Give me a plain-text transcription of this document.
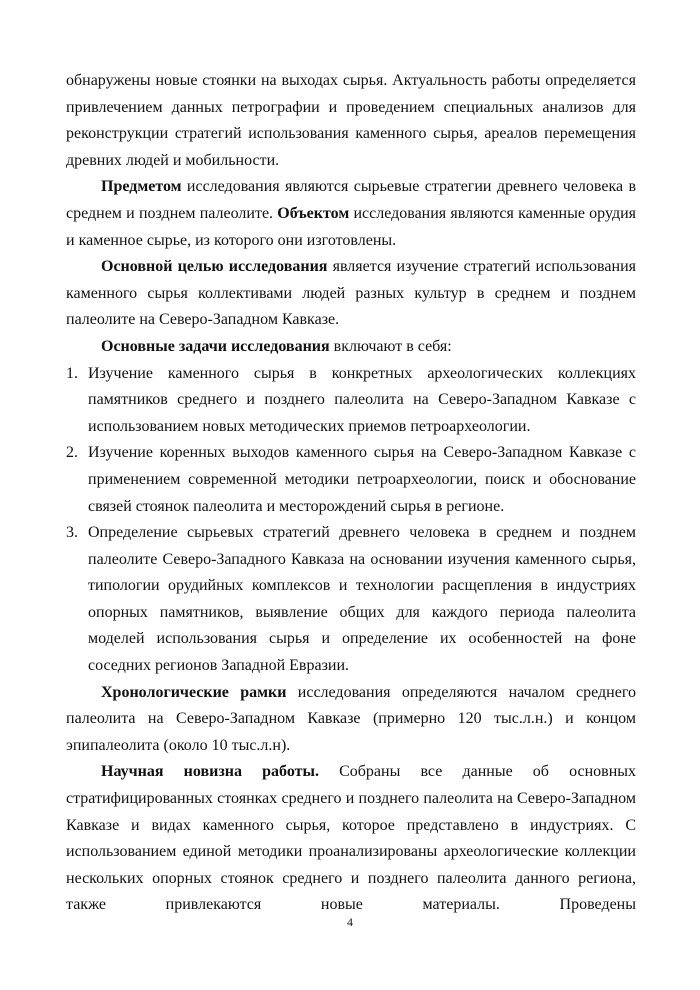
обнаружены новые стоянки на выходах сырья. Актуальность работы определяется привлечением данных петрографии и проведением специальных анализов для реконструкции стратегий использования каменного сырья, ареалов перемещения древних людей и мобильности.

Предметом исследования являются сырьевые стратегии древнего человека в среднем и позднем палеолите. Объектом исследования являются каменные орудия и каменное сырье, из которого они изготовлены.

Основной целью исследования является изучение стратегий использования каменного сырья коллективами людей разных культур в среднем и позднем палеолите на Северо-Западном Кавказе.

Основные задачи исследования включают в себя:

1. Изучение каменного сырья в конкретных археологических коллекциях памятников среднего и позднего палеолита на Северо-Западном Кавказе с использованием новых методических приемов петроархеологии.
2. Изучение коренных выходов каменного сырья на Северо-Западном Кавказе с применением современной методики петроархеологии, поиск и обоснование связей стоянок палеолита и месторождений сырья в регионе.
3. Определение сырьевых стратегий древнего человека в среднем и позднем палеолите Северо-Западного Кавказа на основании изучения каменного сырья, типологии орудийных комплексов и технологии расщепления в индустриях опорных памятников, выявление общих для каждого периода палеолита моделей использования сырья и определение их особенностей на фоне соседних регионов Западной Евразии.

Хронологические рамки исследования определяются началом среднего палеолита на Северо-Западном Кавказе (примерно 120 тыс.л.н.) и концом эпипалеолита (около 10 тыс.л.н).

Научная новизна работы. Собраны все данные об основных стратифицированных стоянках среднего и позднего палеолита на Северо-Западном Кавказе и видах каменного сырья, которое представлено в индустриях. С использованием единой методики проанализированы археологические коллекции нескольких опорных стоянок среднего и позднего палеолита данного региона, также привлекаются новые материалы. Проведены

4
